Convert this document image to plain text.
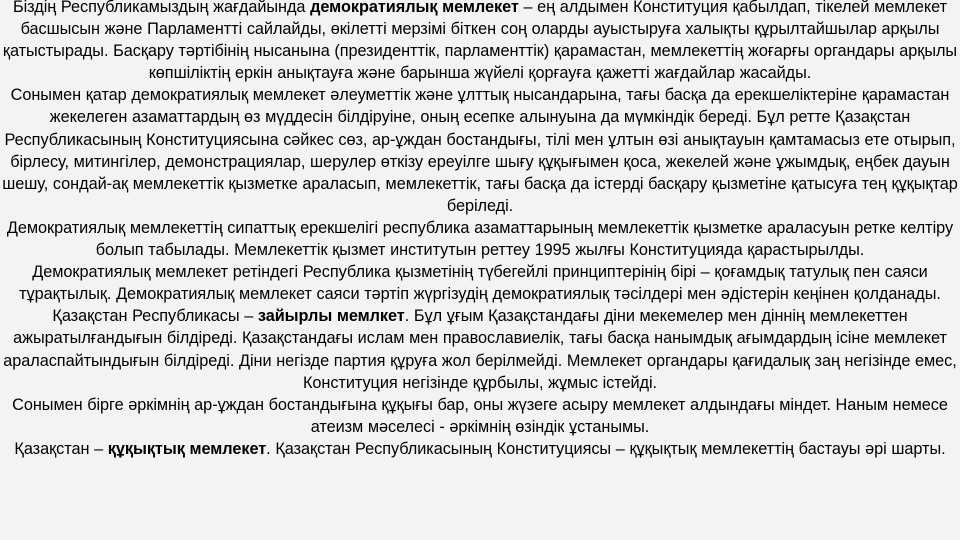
Біздің Республикамыздың жағдайында демократиялық мемлекет – ең алдымен Конституция қабылдап, тікелей мемлекет басшысын және Парламентті сайлайды, өкілетті мерзімі біткен соң оларды ауыстыруға халықты құрылтайшылар арқылы қатыстырады. Басқару тәртібінің нысанына (президенттік, парламенттік) қарамастан, мемлекеттің жоғарғы органдары арқылы көпшіліктің еркін анықтауға және барынша жүйелі қорғауға қажетті жағдайлар жасайды.

Сонымен қатар демократиялық мемлекет әлеуметтік және ұлттық нысандарына, тағы басқа да ерекшеліктеріне қарамастан жекелеген азаматтардың өз мүддесін білдіруіне, оның есепке алынуына да мүмкіндік береді. Бұл ретте Қазақстан Республикасының Конституциясына сәйкес сөз, ар-ұждан бостандығы, тілі мен ұлтын өзі анықтауын қамтамасыз ете отырып, бірлесу, митингілер, демонстрациялар, шерулер өткізу ереуілге шығу құқығымен қоса, жекелей және ұжымдық, еңбек дауын шешу, сондай-ақ мемлекеттік қызметке араласып, мемлекеттік, тағы басқа да істерді басқару қызметіне қатысуға тең құқықтар беріледі.

Демократиялық мемлекеттің сипаттық ерекшелігі республика азаматтарының мемлекеттік қызметке араласуын ретке келтіру болып табылады. Мемлекеттік қызмет институтын реттеу 1995 жылғы Конституцияда қарастырылды.

Демократиялық мемлекет ретіндегі Республика қызметінің түбегейлі принциптерінің бірі – қоғамдық татулық пен саяси тұрақтылық. Демократиялық мемлекет саяси тәртіп жүргізудің демократиялық тәсілдері мен әдістерін кеңінен қолданады.

Қазақстан Республикасы – зайырлы мемлкет. Бұл ұғым Қазақстандағы діни мекемелер мен діннің мемлекеттен ажыратылғандығын білдіреді. Қазақстандағы ислам мен православиелік, тағы басқа нанымдық ағымдардың ісіне мемлекет араласпайтындығын білдіреді. Діни негізде партия құруға жол берілмейді. Мемлекет органдары қағидалық заң негізінде емес, Конституция негізінде құрбылы, жұмыс істейді.

Сонымен бірге әркімнің ар-ұждан бостандығына құқығы бар, оны жүзеге асыру мемлекет алдындағы міндет. Наным немесе атеизм мәселесі - әркімнің өзіндік ұстанымы.

Қазақстан – құқықтық мемлекет. Қазақстан Республикасының Конституциясы – құқықтық мемлекеттің бастауы әрі шарты.
